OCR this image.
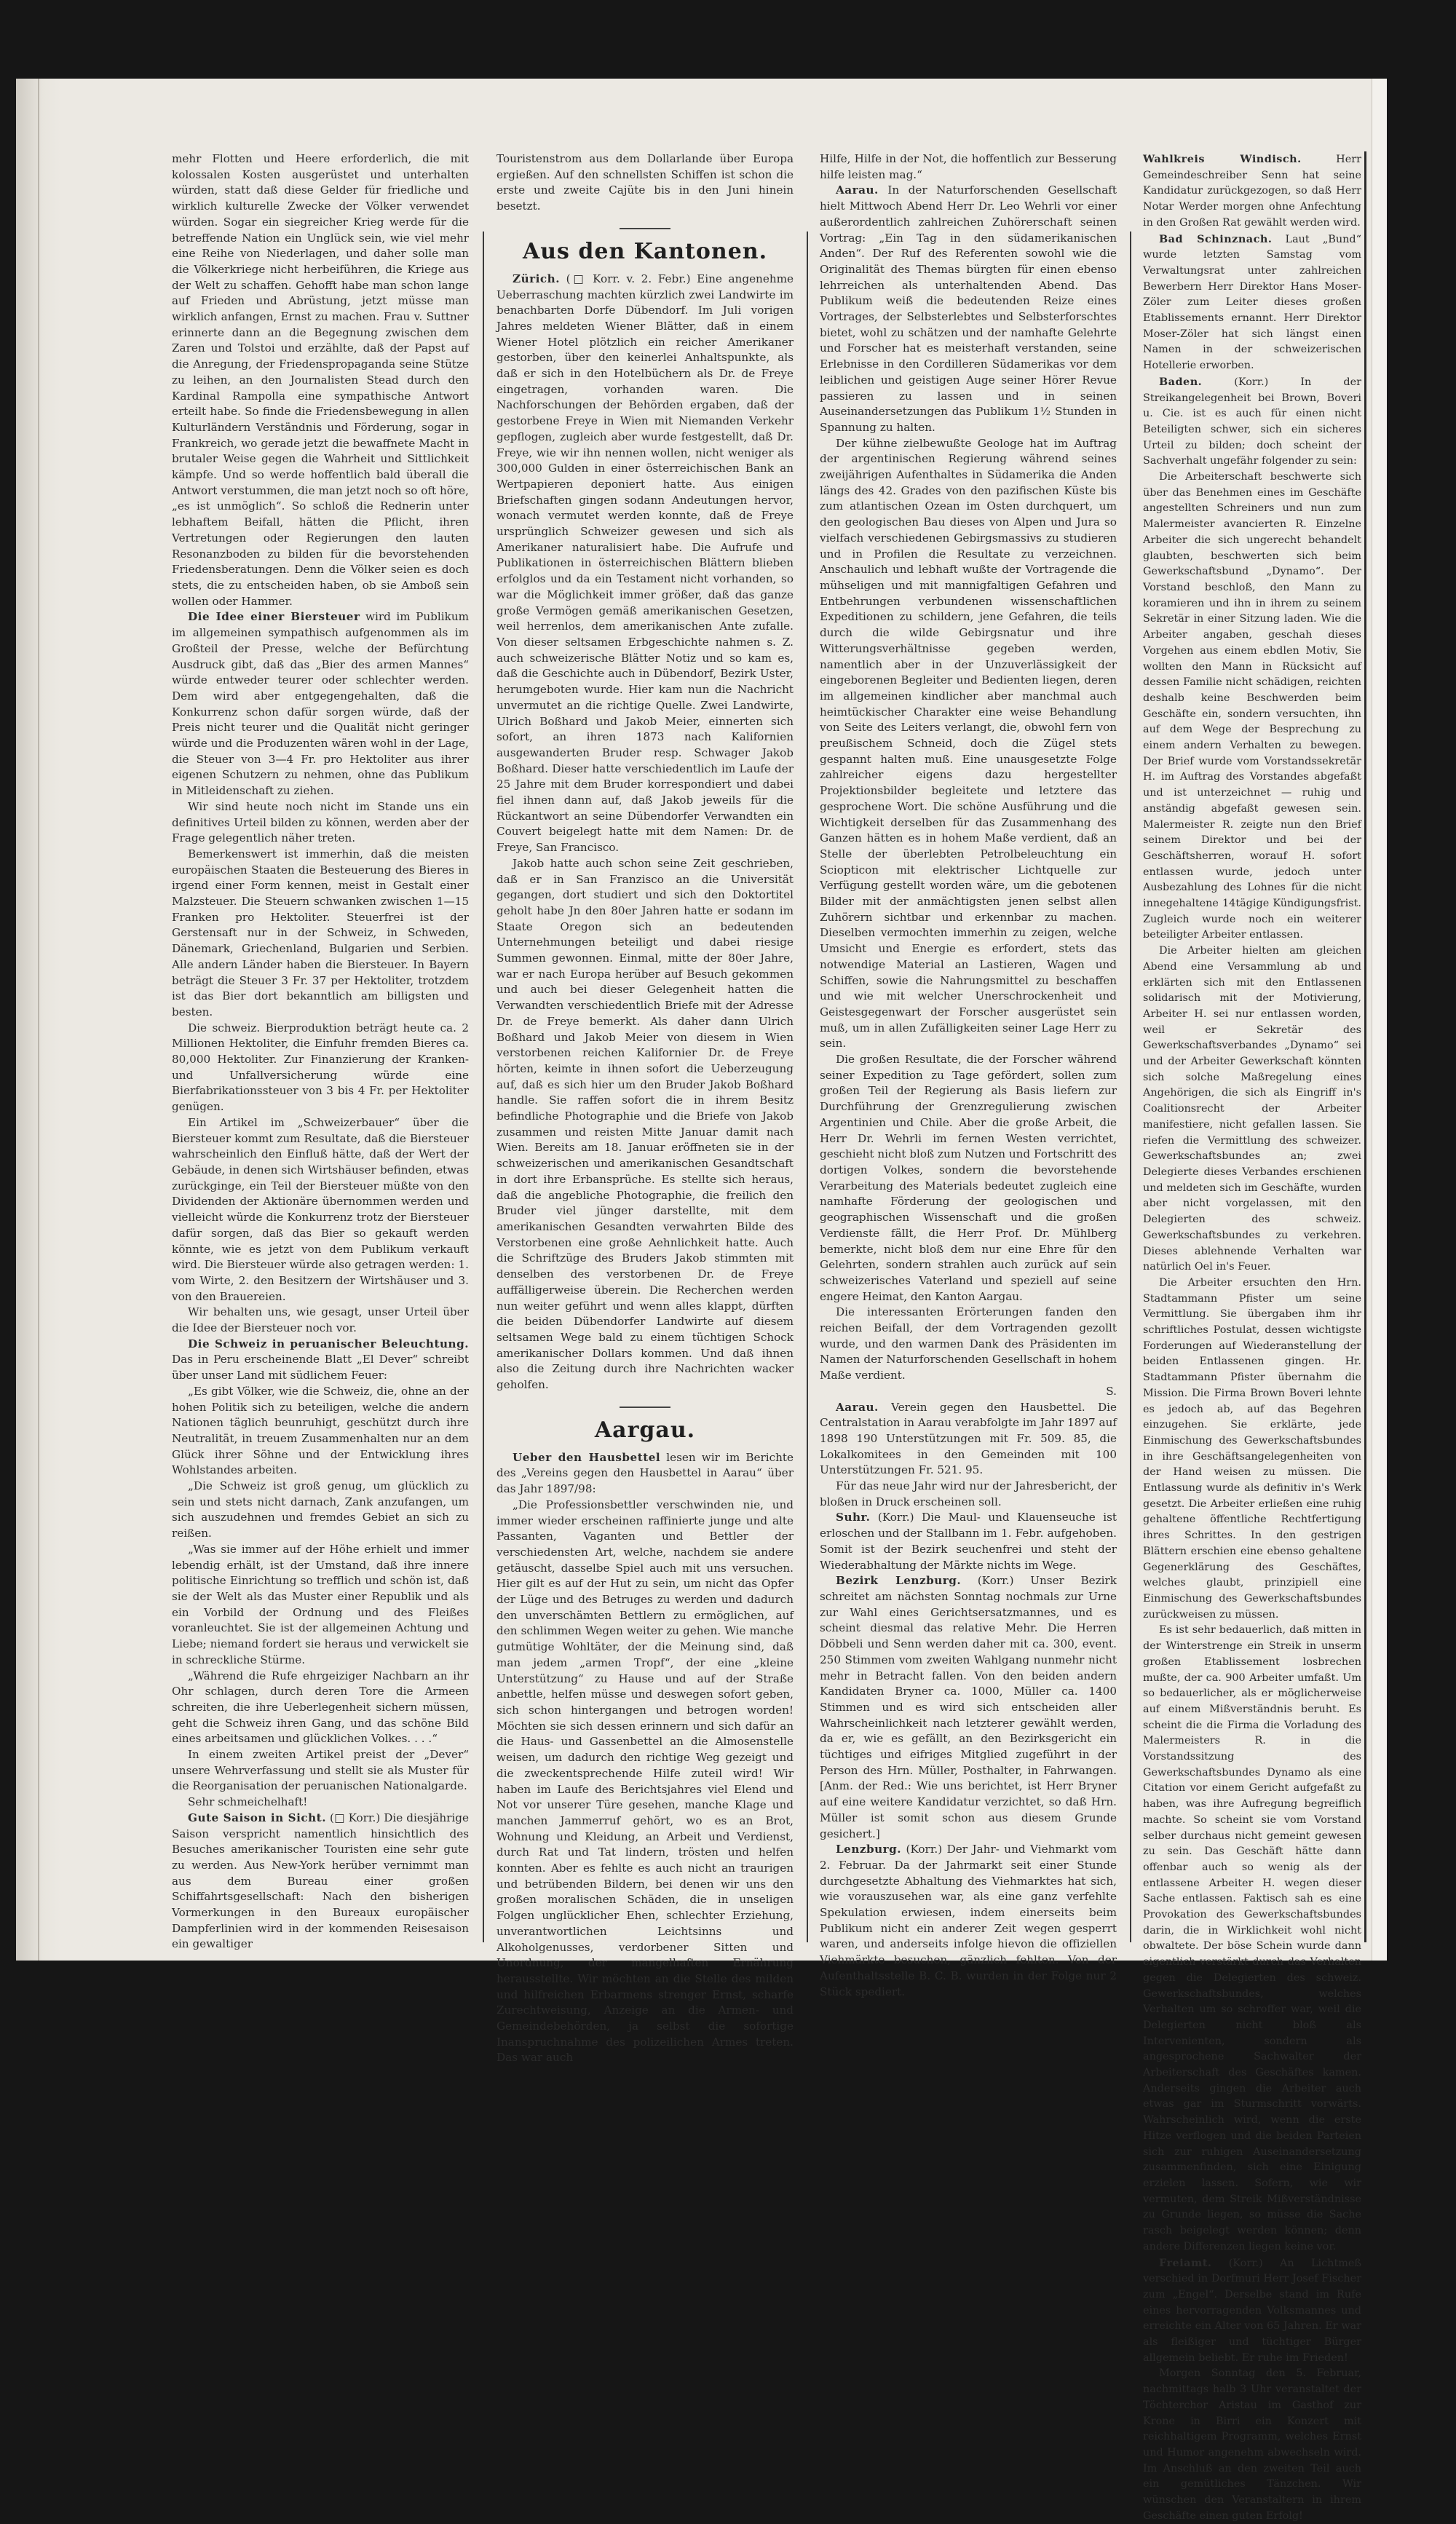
mehr Flotten und Heere erforderlich, die mit kolossalen Kosten ausgerüstet und unterhalten würden, statt daß diese Gelder für friedliche und wirklich kulturelle Zwecke der Völker verwendet würden. Sogar ein siegreicher Krieg werde für die betreffende Nation ein Unglück sein, wie viel mehr eine Reihe von Niederlagen, und daher solle man die Völkerkriege nicht herbeiführen, die Kriege aus der Welt zu schaffen. Gehofft habe man schon lange auf Frieden und Abrüstung, jetzt müsse man wirklich anfangen, Ernst zu machen. Frau v. Suttner erinnerte dann an die Begegnung zwischen dem Zaren und Tolstoi und erzählte, daß der Papst auf die Anregung, der Friedenspropaganda seine Stütze zu leihen, an den Journalisten Stead durch den Kardinal Rampolla eine sympathische Antwort erteilt habe. So finde die Friedensbewegung in allen Kulturländern Verständnis und Förderung, sogar in Frankreich, wo gerade jetzt die bewaffnete Macht in brutaler Weise gegen die Wahrheit und Sittlichkeit kämpfe. Und so werde hoffentlich bald überall die Antwort verstummen, die man jetzt noch so oft höre, „es ist unmöglich“. So schloß die Rednerin unter lebhaftem Beifall, hätten die Pflicht, ihren Vertretungen oder Regierungen den lauten Resonanzboden zu bilden für die bevorstehenden Friedensberatungen. Denn die Völker seien es doch stets, die zu entscheiden haben, ob sie Amboß sein wollen oder Hammer.

Die Idee einer Biersteuer wird im Publikum im allgemeinen sympathisch aufgenommen als im Großteil der Presse, welche der Befürchtung Ausdruck gibt, daß das „Bier des armen Mannes“ würde entweder teurer oder schlechter werden. Dem wird aber entgegengehalten, daß die Konkurrenz schon dafür sorgen würde, daß der Preis nicht teurer und die Qualität nicht geringer würde und die Produzenten wären wohl in der Lage, die Steuer von 3—4 Fr. pro Hektoliter aus ihrer eigenen Schutzern zu nehmen, ohne das Publikum in Mitleidenschaft zu ziehen.

Wir sind heute noch nicht im Stande uns ein definitives Urteil bilden zu können, werden aber der Frage gelegentlich näher treten.

Bemerkenswert ist immerhin, daß die meisten europäischen Staaten die Besteuerung des Bieres in irgend einer Form kennen, meist in Gestalt einer Malzsteuer. Die Steuern schwanken zwischen 1—15 Franken pro Hektoliter. Steuerfrei ist der Gerstensaft nur in der Schweiz, in Schweden, Dänemark, Griechenland, Bulgarien und Serbien. Alle andern Länder haben die Biersteuer. In Bayern beträgt die Steuer 3 Fr. 37 per Hektoliter, trotzdem ist das Bier dort bekanntlich am billigsten und besten.

Die schweiz. Bierproduktion beträgt heute ca. 2 Millionen Hektoliter, die Einfuhr fremden Bieres ca. 80,000 Hektoliter. Zur Finanzierung der Kranken- und Unfallversicherung würde eine Bierfabrikationssteuer von 3 bis 4 Fr. per Hektoliter genügen.

Ein Artikel im „Schweizerbauer“ über die Biersteuer kommt zum Resultate, daß die Biersteuer wahrscheinlich den Einfluß hätte, daß der Wert der Gebäude, in denen sich Wirtshäuser befinden, etwas zurückginge, ein Teil der Biersteuer müßte von den Dividenden der Aktionäre übernommen werden und vielleicht würde die Konkurrenz trotz der Biersteuer dafür sorgen, daß das Bier so gekauft werden könnte, wie es jetzt von dem Publikum verkauft wird. Die Biersteuer würde also getragen werden: 1. vom Wirte, 2. den Besitzern der Wirtshäuser und 3. von den Brauereien.

Wir behalten uns, wie gesagt, unser Urteil über die Idee der Biersteuer noch vor.

Die Schweiz in peruanischer Beleuchtung. Das in Peru erscheinende Blatt „El Dever“ schreibt über unser Land mit südlichem Feuer:

„Es gibt Völker, wie die Schweiz, die, ohne an der hohen Politik sich zu beteiligen, welche die andern Nationen täglich beunruhigt, geschützt durch ihre Neutralität, in treuem Zusammenhalten nur an dem Glück ihrer Söhne und der Entwicklung ihres Wohlstandes arbeiten.

„Die Schweiz ist groß genug, um glücklich zu sein und stets nicht darnach, Zank anzufangen, um sich auszudehnen und fremdes Gebiet an sich zu reißen.

„Was sie immer auf der Höhe erhielt und immer lebendig erhält, ist der Umstand, daß ihre innere politische Einrichtung so trefflich und schön ist, daß sie der Welt als das Muster einer Republik und als ein Vorbild der Ordnung und des Fleißes voranleuchtet. Sie ist der allgemeinen Achtung und Liebe; niemand fordert sie heraus und verwickelt sie in schreckliche Stürme.

„Während die Rufe ehrgeiziger Nachbarn an ihr Ohr schlagen, durch deren Tore die Armeen schreiten, die ihre Ueberlegenheit sichern müssen, geht die Schweiz ihren Gang, und das schöne Bild eines arbeitsamen und glücklichen Volkes. . . .“

In einem zweiten Artikel preist der „Dever“ unsere Wehrverfassung und stellt sie als Muster für die Reorganisation der peruanischen Nationalgarde.

Sehr schmeichelhaft!

Gute Saison in Sicht. (□ Korr.) Die diesjährige Saison verspricht namentlich hinsichtlich des Besuches amerikanischer Touristen eine sehr gute zu werden. Aus New-York herüber vernimmt man aus dem Bureau einer großen Schiffahrtsgesellschaft: Nach den bisherigen Vormerkungen in den Bureaux europäischer Dampferlinien wird in der kommenden Reisesaison ein gewaltiger

Touristenstrom aus dem Dollarlande über Europa ergießen. Auf den schnellsten Schiffen ist schon die erste und zweite Cajüte bis in den Juni hinein besetzt.

Aus den Kantonen.

Zürich. (□ Korr. v. 2. Febr.) Eine angenehme Ueberraschung machten kürzlich zwei Landwirte im benachbarten Dorfe Dübendorf. Im Juli vorigen Jahres meldeten Wiener Blätter, daß in einem Wiener Hotel plötzlich ein reicher Amerikaner gestorben, über den keinerlei Anhaltspunkte, als daß er sich in den Hotelbüchern als Dr. de Freye eingetragen, vorhanden waren. Die Nachforschungen der Behörden ergaben, daß der gestorbene Freye in Wien mit Niemanden Verkehr gepflogen, zugleich aber wurde festgestellt, daß Dr. Freye, wie wir ihn nennen wollen, nicht weniger als 300,000 Gulden in einer österreichischen Bank an Wertpapieren deponiert hatte. Aus einigen Briefschaften gingen sodann Andeutungen hervor, wonach vermutet werden konnte, daß de Freye ursprünglich Schweizer gewesen und sich als Amerikaner naturalisiert habe. Die Aufrufe und Publikationen in österreichischen Blättern blieben erfolglos und da ein Testament nicht vorhanden, so war die Möglichkeit immer größer, daß das ganze große Vermögen gemäß amerikanischen Gesetzen, weil herrenlos, dem amerikanischen Ante zufalle. Von dieser seltsamen Erbgeschichte nahmen s. Z. auch schweizerische Blätter Notiz und so kam es, daß die Geschichte auch in Dübendorf, Bezirk Uster, herumgeboten wurde. Hier kam nun die Nachricht unvermutet an die richtige Quelle. Zwei Landwirte, Ulrich Boßhard und Jakob Meier, einnerten sich sofort, an ihren 1873 nach Kalifornien ausgewanderten Bruder resp. Schwager Jakob Boßhard. Dieser hatte verschiedentlich im Laufe der 25 Jahre mit dem Bruder korrespondiert und dabei fiel ihnen dann auf, daß Jakob jeweils für die Rückantwort an seine Dübendorfer Verwandten ein Couvert beigelegt hatte mit dem Namen: Dr. de Freye, San Francisco.

Jakob hatte auch schon seine Zeit geschrieben, daß er in San Franzisco an die Universität gegangen, dort studiert und sich den Doktortitel geholt habe Jn den 80er Jahren hatte er sodann im Staate Oregon sich an bedeutenden Unternehmungen beteiligt und dabei riesige Summen gewonnen. Einmal, mitte der 80er Jahre, war er nach Europa herüber auf Besuch gekommen und auch bei dieser Gelegenheit hatten die Verwandten verschiedentlich Briefe mit der Adresse Dr. de Freye bemerkt. Als daher dann Ulrich Boßhard und Jakob Meier von diesem in Wien verstorbenen reichen Kalifornier Dr. de Freye hörten, keimte in ihnen sofort die Ueberzeugung auf, daß es sich hier um den Bruder Jakob Boßhard handle. Sie raffen sofort die in ihrem Besitz befindliche Photographie und die Briefe von Jakob zusammen und reisten Mitte Januar damit nach Wien. Bereits am 18. Januar eröffneten sie in der schweizerischen und amerikanischen Gesandtschaft in dort ihre Erbansprüche. Es stellte sich heraus, daß die angebliche Photographie, die freilich den Bruder viel jünger darstellte, mit dem amerikanischen Gesandten verwahrten Bilde des Verstorbenen eine große Aehnlichkeit hatte. Auch die Schriftzüge des Bruders Jakob stimmten mit denselben des verstorbenen Dr. de Freye auffälligerweise überein. Die Recherchen werden nun weiter geführt und wenn alles klappt, dürften die beiden Dübendorfer Landwirte auf diesem seltsamen Wege bald zu einem tüchtigen Schock amerikanischer Dollars kommen. Und daß ihnen also die Zeitung durch ihre Nachrichten wacker geholfen.

Aargau.

Ueber den Hausbettel lesen wir im Berichte des „Vereins gegen den Hausbettel in Aarau“ über das Jahr 1897/98:

„Die Professionsbettler verschwinden nie, und immer wieder erscheinen raffinierte junge und alte Passanten, Vaganten und Bettler der verschiedensten Art, welche, nachdem sie andere getäuscht, dasselbe Spiel auch mit uns versuchen. Hier gilt es auf der Hut zu sein, um nicht das Opfer der Lüge und des Betruges zu werden und dadurch den unverschämten Bettlern zu ermöglichen, auf den schlimmen Wegen weiter zu gehen. Wie manche gutmütige Wohltäter, der die Meinung sind, daß man jedem „armen Tropf“, der eine „kleine Unterstützung“ zu Hause und auf der Straße anbettle, helfen müsse und deswegen sofort geben, sich schon hintergangen und betrogen worden! Möchten sie sich dessen erinnern und sich dafür an die Haus- und Gassenbettel an die Almosenstelle weisen, um dadurch den richtige Weg gezeigt und die zweckentsprechende Hilfe zuteil wird! Wir haben im Laufe des Berichtsjahres viel Elend und Not vor unserer Türe gesehen, manche Klage und manchen Jammerruf gehört, wo es an Brot, Wohnung und Kleidung, an Arbeit und Verdienst, durch Rat und Tat lindern, trösten und helfen konnten. Aber es fehlte es auch nicht an traurigen und betrübenden Bildern, bei denen wir uns den großen moralischen Schäden, die in unseligen Folgen unglücklicher Ehen, schlechter Erziehung, unverantwortlichen Leichtsinns und Alkoholgenusses, verdorbener Sitten und Unordnung, der mangelhaften Ernährung herausstellte. Wir möchten an die Stelle des milden und hilfreichen Erbarmens strenger Ernst, scharfe Zurechtweisung, Anzeige an die Armen- und Gemeindebehörden, ja selbst die sofortige Inanspruchnahme des polizeilichen Armes treten. Das war auch

Hilfe, Hilfe in der Not, die hoffentlich zur Besserung hilfe leisten mag.“

Aarau. In der Naturforschenden Gesellschaft hielt Mittwoch Abend Herr Dr. Leo Wehrli vor einer außerordentlich zahlreichen Zuhörerschaft seinen Vortrag: „Ein Tag in den südamerikanischen Anden“. Der Ruf des Referenten sowohl wie die Originalität des Themas bürgten für einen ebenso lehrreichen als unterhaltenden Abend. Das Publikum weiß die bedeutenden Reize eines Vortrages, der Selbsterlebtes und Selbsterforschtes bietet, wohl zu schätzen und der namhafte Gelehrte und Forscher hat es meisterhaft verstanden, seine Erlebnisse in den Cordilleren Südamerikas vor dem leiblichen und geistigen Auge seiner Hörer Revue passieren zu lassen und in seinen Auseinandersetzungen das Publikum 1½ Stunden in Spannung zu halten.

Der kühne zielbewußte Geologe hat im Auftrag der argentinischen Regierung während seines zweijährigen Aufenthaltes in Südamerika die Anden längs des 42. Grades von den pazifischen Küste bis zum atlantischen Ozean im Osten durchquert, um den geologischen Bau dieses von Alpen und Jura so vielfach verschiedenen Gebirgsmassivs zu studieren und in Profilen die Resultate zu verzeichnen. Anschaulich und lebhaft wußte der Vortragende die mühseligen und mit mannigfaltigen Gefahren und Entbehrungen verbundenen wissenschaftlichen Expeditionen zu schildern, jene Gefahren, die teils durch die wilde Gebirgsnatur und ihre Witterungsverhältnisse gegeben werden, namentlich aber in der Unzuverlässigkeit der eingeborenen Begleiter und Bedienten liegen, deren im allgemeinen kindlicher aber manchmal auch heimtückischer Charakter eine weise Behandlung von Seite des Leiters verlangt, die, obwohl fern von preußischem Schneid, doch die Zügel stets gespannt halten muß. Eine unausgesetzte Folge zahlreicher eigens dazu hergestellter Projektionsbilder begleitete und letztere das gesprochene Wort. Die schöne Ausführung und die Wichtigkeit derselben für das Zusammenhang des Ganzen hätten es in hohem Maße verdient, daß an Stelle der überlebten Petrolbeleuchtung ein Sciopticon mit elektrischer Lichtquelle zur Verfügung gestellt worden wäre, um die gebotenen Bilder mit der anmächtigsten jenen selbst allen Zuhörern sichtbar und erkennbar zu machen. Dieselben vermochten immerhin zu zeigen, welche Umsicht und Energie es erfordert, stets das notwendige Material an Lastieren, Wagen und Schiffen, sowie die Nahrungsmittel zu beschaffen und wie mit welcher Unerschrockenheit und Geistesgegenwart der Forscher ausgerüstet sein muß, um in allen Zufälligkeiten seiner Lage Herr zu sein.

Die großen Resultate, die der Forscher während seiner Expedition zu Tage gefördert, sollen zum großen Teil der Regierung als Basis liefern zur Durchführung der Grenzregulierung zwischen Argentinien und Chile. Aber die große Arbeit, die Herr Dr. Wehrli im fernen Westen verrichtet, geschieht nicht bloß zum Nutzen und Fortschritt des dortigen Volkes, sondern die bevorstehende Verarbeitung des Materials bedeutet zugleich eine namhafte Förderung der geologischen und geographischen Wissenschaft und die großen Verdienste fällt, die Herr Prof. Dr. Mühlberg bemerkte, nicht bloß dem nur eine Ehre für den Gelehrten, sondern strahlen auch zurück auf sein schweizerisches Vaterland und speziell auf seine engere Heimat, den Kanton Aargau.

Die interessanten Erörterungen fanden den reichen Beifall, der dem Vortragenden gezollt wurde, und den warmen Dank des Präsidenten im Namen der Naturforschenden Gesellschaft in hohem Maße verdient.

S.

Aarau. Verein gegen den Hausbettel. Die Centralstation in Aarau verabfolgte im Jahr 1897 auf 1898 190 Unterstützungen mit Fr. 509. 85, die Lokalkomitees in den Gemeinden mit 100 Unterstützungen Fr. 521. 95.

Für das neue Jahr wird nur der Jahresbericht, der bloßen in Druck erscheinen soll.

Suhr. (Korr.) Die Maul- und Klauenseuche ist erloschen und der Stallbann im 1. Febr. aufgehoben. Somit ist der Bezirk seuchenfrei und steht der Wiederabhaltung der Märkte nichts im Wege.

Bezirk Lenzburg. (Korr.) Unser Bezirk schreitet am nächsten Sonntag nochmals zur Urne zur Wahl eines Gerichtsersatzmannes, und es scheint diesmal das relative Mehr. Die Herren Döbbeli und Senn werden daher mit ca. 300, event. 250 Stimmen vom zweiten Wahlgang nunmehr nicht mehr in Betracht fallen. Von den beiden andern Kandidaten Bryner ca. 1000, Müller ca. 1400 Stimmen und es wird sich entscheiden aller Wahrscheinlichkeit nach letzterer gewählt werden, da er, wie es gefällt, an den Bezirksgericht ein tüchtiges und eifriges Mitglied zugeführt in der Person des Hrn. Müller, Posthalter, in Fahrwangen. [Anm. der Red.: Wie uns berichtet, ist Herr Bryner auf eine weitere Kandidatur verzichtet, so daß Hrn. Müller ist somit schon aus diesem Grunde gesichert.]

Lenzburg. (Korr.) Der Jahr- und Viehmarkt vom 2. Februar. Da der Jahrmarkt seit einer Stunde durchgesetzte Abhaltung des Viehmarktes hat sich, wie vorauszusehen war, als eine ganz verfehlte Spekulation erwiesen, indem einerseits beim Publikum nicht ein anderer Zeit wegen gesperrt waren, und anderseits infolge hievon die offiziellen Viehmärkte besuchen, gänzlich fehlten. Von der Aufenthaltsstelle B. C. B. wurden in der Folge nur 2 Stück spediert.

Wahlkreis Windisch. Herr Gemeindeschreiber Senn hat seine Kandidatur zurückgezogen, so daß Herr Notar Werder morgen ohne Anfechtung in den Großen Rat gewählt werden wird.

Bad Schinznach. Laut „Bund“ wurde letzten Samstag vom Verwaltungsrat unter zahlreichen Bewerbern Herr Direktor Hans Moser-Zöler zum Leiter dieses großen Etablissements ernannt. Herr Direktor Moser-Zöler hat sich längst einen Namen in der schweizerischen Hotellerie erworben.

Baden. (Korr.) In der Streikangelegenheit bei Brown, Boveri u. Cie. ist es auch für einen nicht Beteiligten schwer, sich ein sicheres Urteil zu bilden; doch scheint der Sachverhalt ungefähr folgender zu sein:

Die Arbeiterschaft beschwerte sich über das Benehmen eines im Geschäfte angestellten Schreiners und nun zum Malermeister avancierten R. Einzelne Arbeiter die sich ungerecht behandelt glaubten, beschwerten sich beim Gewerkschaftsbund „Dynamo“. Der Vorstand beschloß, den Mann zu koramieren und ihn in ihrem zu seinem Sekretär in einer Sitzung laden. Wie die Arbeiter angaben, geschah dieses Vorgehen aus einem ebdlen Motiv, Sie wollten den Mann in Rücksicht auf dessen Familie nicht schädigen, reichten deshalb keine Beschwerden beim Geschäfte ein, sondern versuchten, ihn auf dem Wege der Besprechung zu einem andern Verhalten zu bewegen. Der Brief wurde vom Vorstandssekretär H. im Auftrag des Vorstandes abgefaßt und ist unterzeichnet — ruhig und anständig abgefaßt gewesen sein. Malermeister R. zeigte nun den Brief seinem Direktor und bei der Geschäftsherren, worauf H. sofort entlassen wurde, jedoch unter Ausbezahlung des Lohnes für die nicht innegehaltene 14tägige Kündigungsfrist. Zugleich wurde noch ein weiterer beteiligter Arbeiter entlassen.

Die Arbeiter hielten am gleichen Abend eine Versammlung ab und erklärten sich mit den Entlassenen solidarisch mit der Motivierung, Arbeiter H. sei nur entlassen worden, weil er Sekretär des Gewerkschaftsverbandes „Dynamo“ sei und der Arbeiter Gewerkschaft könnten sich solche Maßregelung eines Angehörigen, die sich als Eingriff in's Coalitionsrecht der Arbeiter manifestiere, nicht gefallen lassen. Sie riefen die Vermittlung des schweizer. Gewerkschaftsbundes an; zwei Delegierte dieses Verbandes erschienen und meldeten sich im Geschäfte, wurden aber nicht vorgelassen, mit den Delegierten des schweiz. Gewerkschaftsbundes zu verkehren. Dieses ablehnende Verhalten war natürlich Oel in's Feuer.

Die Arbeiter ersuchten den Hrn. Stadtammann Pfister um seine Vermittlung. Sie übergaben ihm ihr schriftliches Postulat, dessen wichtigste Forderungen auf Wiederanstellung der beiden Entlassenen gingen. Hr. Stadtammann Pfister übernahm die Mission. Die Firma Brown Boveri lehnte es jedoch ab, auf das Begehren einzugehen. Sie erklärte, jede Einmischung des Gewerkschaftsbundes in ihre Geschäftsangelegenheiten von der Hand weisen zu müssen. Die Entlassung wurde als definitiv in's Werk gesetzt. Die Arbeiter erließen eine ruhig gehaltene öffentliche Rechtfertigung ihres Schrittes. In den gestrigen Blättern erschien eine ebenso gehaltene Gegenerklärung des Geschäftes, welches glaubt, prinzipiell eine Einmischung des Gewerkschaftsbundes zurückweisen zu müssen.

Es ist sehr bedauerlich, daß mitten in der Winterstrenge ein Streik in unserm großen Etablissement losbrechen mußte, der ca. 900 Arbeiter umfaßt. Um so bedauerlicher, als er möglicherweise auf einem Mißverständnis beruht. Es scheint die die Firma die Vorladung des Malermeisters R. in die Vorstandssitzung des Gewerkschaftsbundes Dynamo als eine Citation vor einem Gericht aufgefaßt zu haben, was ihre Aufregung begreiflich machte. So scheint sie vom Vorstand selber durchaus nicht gemeint gewesen zu sein. Das Geschäft hätte dann offenbar auch so wenig als der entlassene Arbeiter H. wegen dieser Sache entlassen. Faktisch sah es eine Provokation des Gewerkschaftsbundes darin, die in Wirklichkeit wohl nicht obwaltete. Der böse Schein wurde dann eigentlich verstärkt durch das Verhalten gegen die Delegierten des schweiz. Gewerkschaftsbundes, welches Verhalten um so schroffer war, weil die Delegierten nicht bloß als Intervenienten, sondern als angesprochene Sachwalter der Arbeiterschaft des Geschäftes kamen. Anderseits gingen die Arbeiter auch etwas gar im Sturmschritt vorwärts. Wahrscheinlich wird, wenn die erste Hitze verflogen und die beiden Parteien sich zur ruhigen Auseinandersetzung zusammenfinden, sich eine Einigung erzielen lassen. Sofern, wie wir vermuten, dem Streik Mißverständnisse zu Grunde liegen, so müsse die Sache rasch beigelegt werden können; denn andere Differenzen liegen keine vor.

Freiamt. (Korr.) An Lichtmeß verschied in Dorfmuri Herr Josef Fischer zum „Engel“. Derselbe stand im Rufe eines hervorragenden Volksmannes und erreichte ein Alter von 65 Jahren. Er war als fleißiger und tüchtiger Bürger allgemein beliebt. Er ruhe im Frieden!

Morgen Sonntag den 5. Februar, nachmittags halb 3 Uhr veranstaltet der Töchterchor Aristau im Gasthof zur Krone in Birri ein Konzert mit reichhaltigem Programm, welches Ernst und Humor angenehm abwechseln wird. Im Anschluß an den zweiten Teil auch ein gemütliches Tänzchen. Wir wünschen den Veranstaltern in ihrem Geschäfte einen guten Erfolg!
